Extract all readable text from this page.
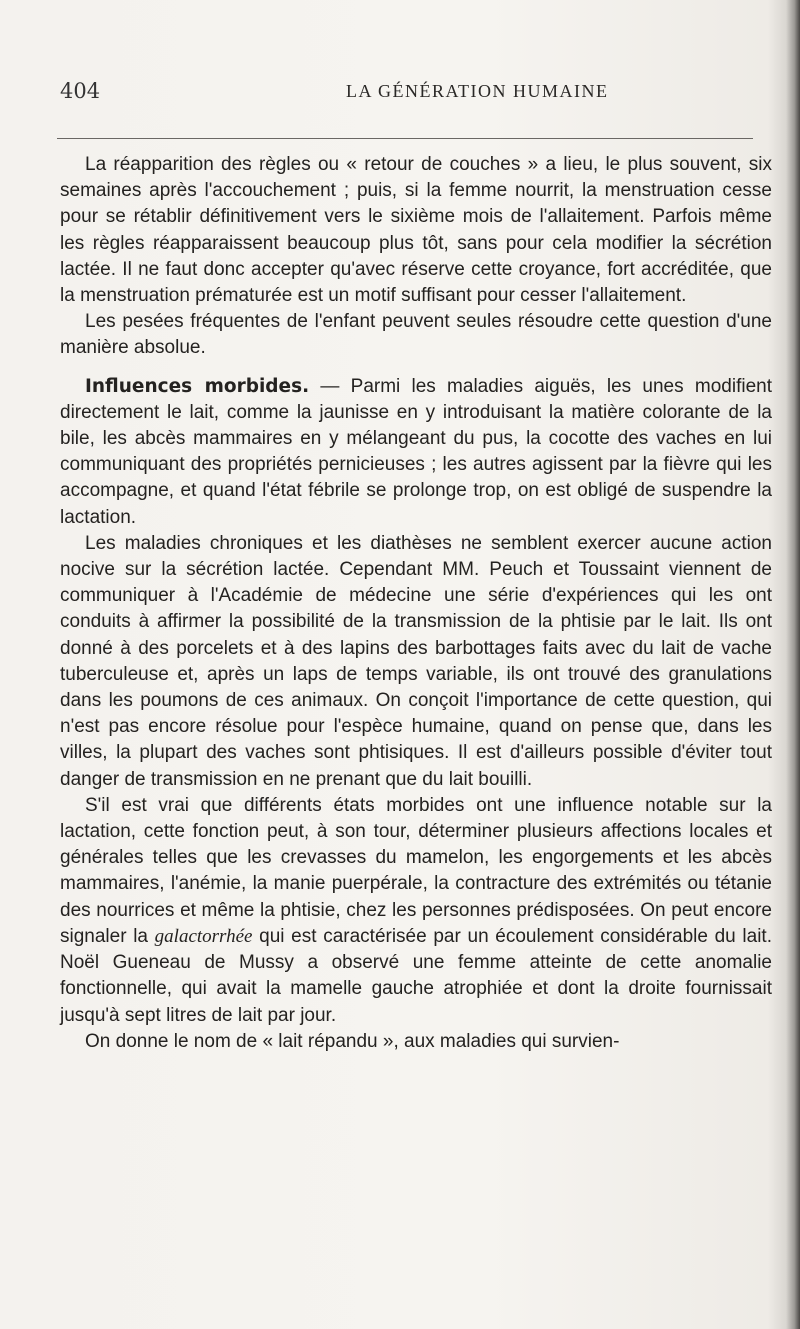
404	LA GÉNÉRATION HUMAINE

La réapparition des règles ou « retour de couches » a lieu, le plus souvent, six semaines après l'accouchement ; puis, si la femme nourrit, la menstruation cesse pour se rétablir définitivement vers le sixième mois de l'allaitement. Parfois même les règles réapparaissent beaucoup plus tôt, sans pour cela modifier la sécrétion lactée. Il ne faut donc accepter qu'avec réserve cette croyance, fort accréditée, que la menstruation prématurée est un motif suffisant pour cesser l'allaitement.

Les pesées fréquentes de l'enfant peuvent seules résoudre cette question d'une manière absolue.

Influences morbides. — Parmi les maladies aiguës, les unes modifient directement le lait, comme la jaunisse en y introduisant la matière colorante de la bile, les abcès mammaires en y mélangeant du pus, la cocotte des vaches en lui communiquant des propriétés pernicieuses ; les autres agissent par la fièvre qui les accompagne, et quand l'état fébrile se prolonge trop, on est obligé de suspendre la lactation.

Les maladies chroniques et les diathèses ne semblent exercer aucune action nocive sur la sécrétion lactée. Cependant MM. Peuch et Toussaint viennent de communiquer à l'Académie de médecine une série d'expériences qui les ont conduits à affirmer la possibilité de la transmission de la phtisie par le lait. Ils ont donné à des porcelets et à des lapins des barbottages faits avec du lait de vache tuberculeuse et, après un laps de temps variable, ils ont trouvé des granulations dans les poumons de ces animaux. On conçoit l'importance de cette question, qui n'est pas encore résolue pour l'espèce humaine, quand on pense que, dans les villes, la plupart des vaches sont phtisiques. Il est d'ailleurs possible d'éviter tout danger de transmission en ne prenant que du lait bouilli.

S'il est vrai que différents états morbides ont une influence notable sur la lactation, cette fonction peut, à son tour, déterminer plusieurs affections locales et générales telles que les crevasses du mamelon, les engorgements et les abcès mammaires, l'anémie, la manie puerpérale, la contracture des extrémités ou tétanie des nourrices et même la phtisie, chez les personnes prédisposées. On peut encore signaler la galactorrhée qui est caractérisée par un écoulement considérable du lait. Noël Gueneau de Mussy a observé une femme atteinte de cette anomalie fonctionnelle, qui avait la mamelle gauche atrophiée et dont la droite fournissait jusqu'à sept litres de lait par jour.

On donne le nom de « lait répandu », aux maladies qui survien-
